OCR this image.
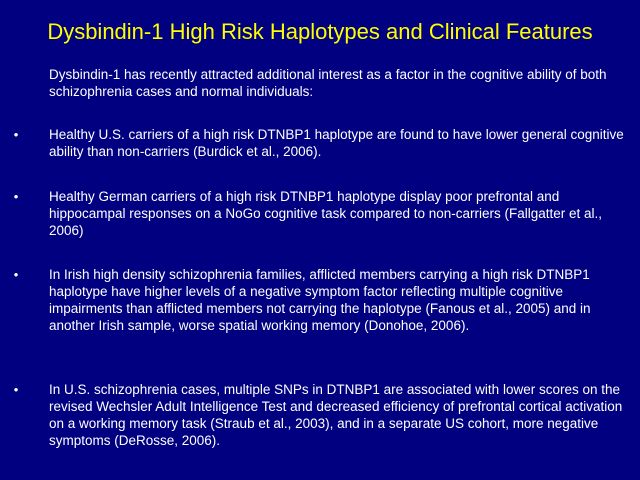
Dysbindin-1 High Risk Haplotypes and Clinical Features
Dysbindin-1 has recently attracted additional interest as a factor in the cognitive ability of both schizophrenia cases and normal individuals:
• Healthy U.S. carriers of a high risk DTNBP1 haplotype are found to have lower general cognitive ability than non-carriers (Burdick et al., 2006).
• Healthy German carriers of a high risk DTNBP1 haplotype display poor prefrontal and hippocampal responses on a NoGo cognitive task compared to non-carriers (Fallgatter et al., 2006)
• In Irish high density schizophrenia families, afflicted members carrying a high risk DTNBP1 haplotype have higher levels of a negative symptom factor reflecting multiple cognitive impairments than afflicted members not carrying the haplotype (Fanous et al., 2005) and in another Irish sample, worse spatial working memory (Donohoe, 2006).
• In U.S. schizophrenia cases, multiple SNPs in DTNBP1 are associated with lower scores on the revised Wechsler Adult Intelligence Test and decreased efficiency of prefrontal cortical activation on a working memory task (Straub et al., 2003), and in a separate US cohort, more negative symptoms (DeRosse, 2006).
